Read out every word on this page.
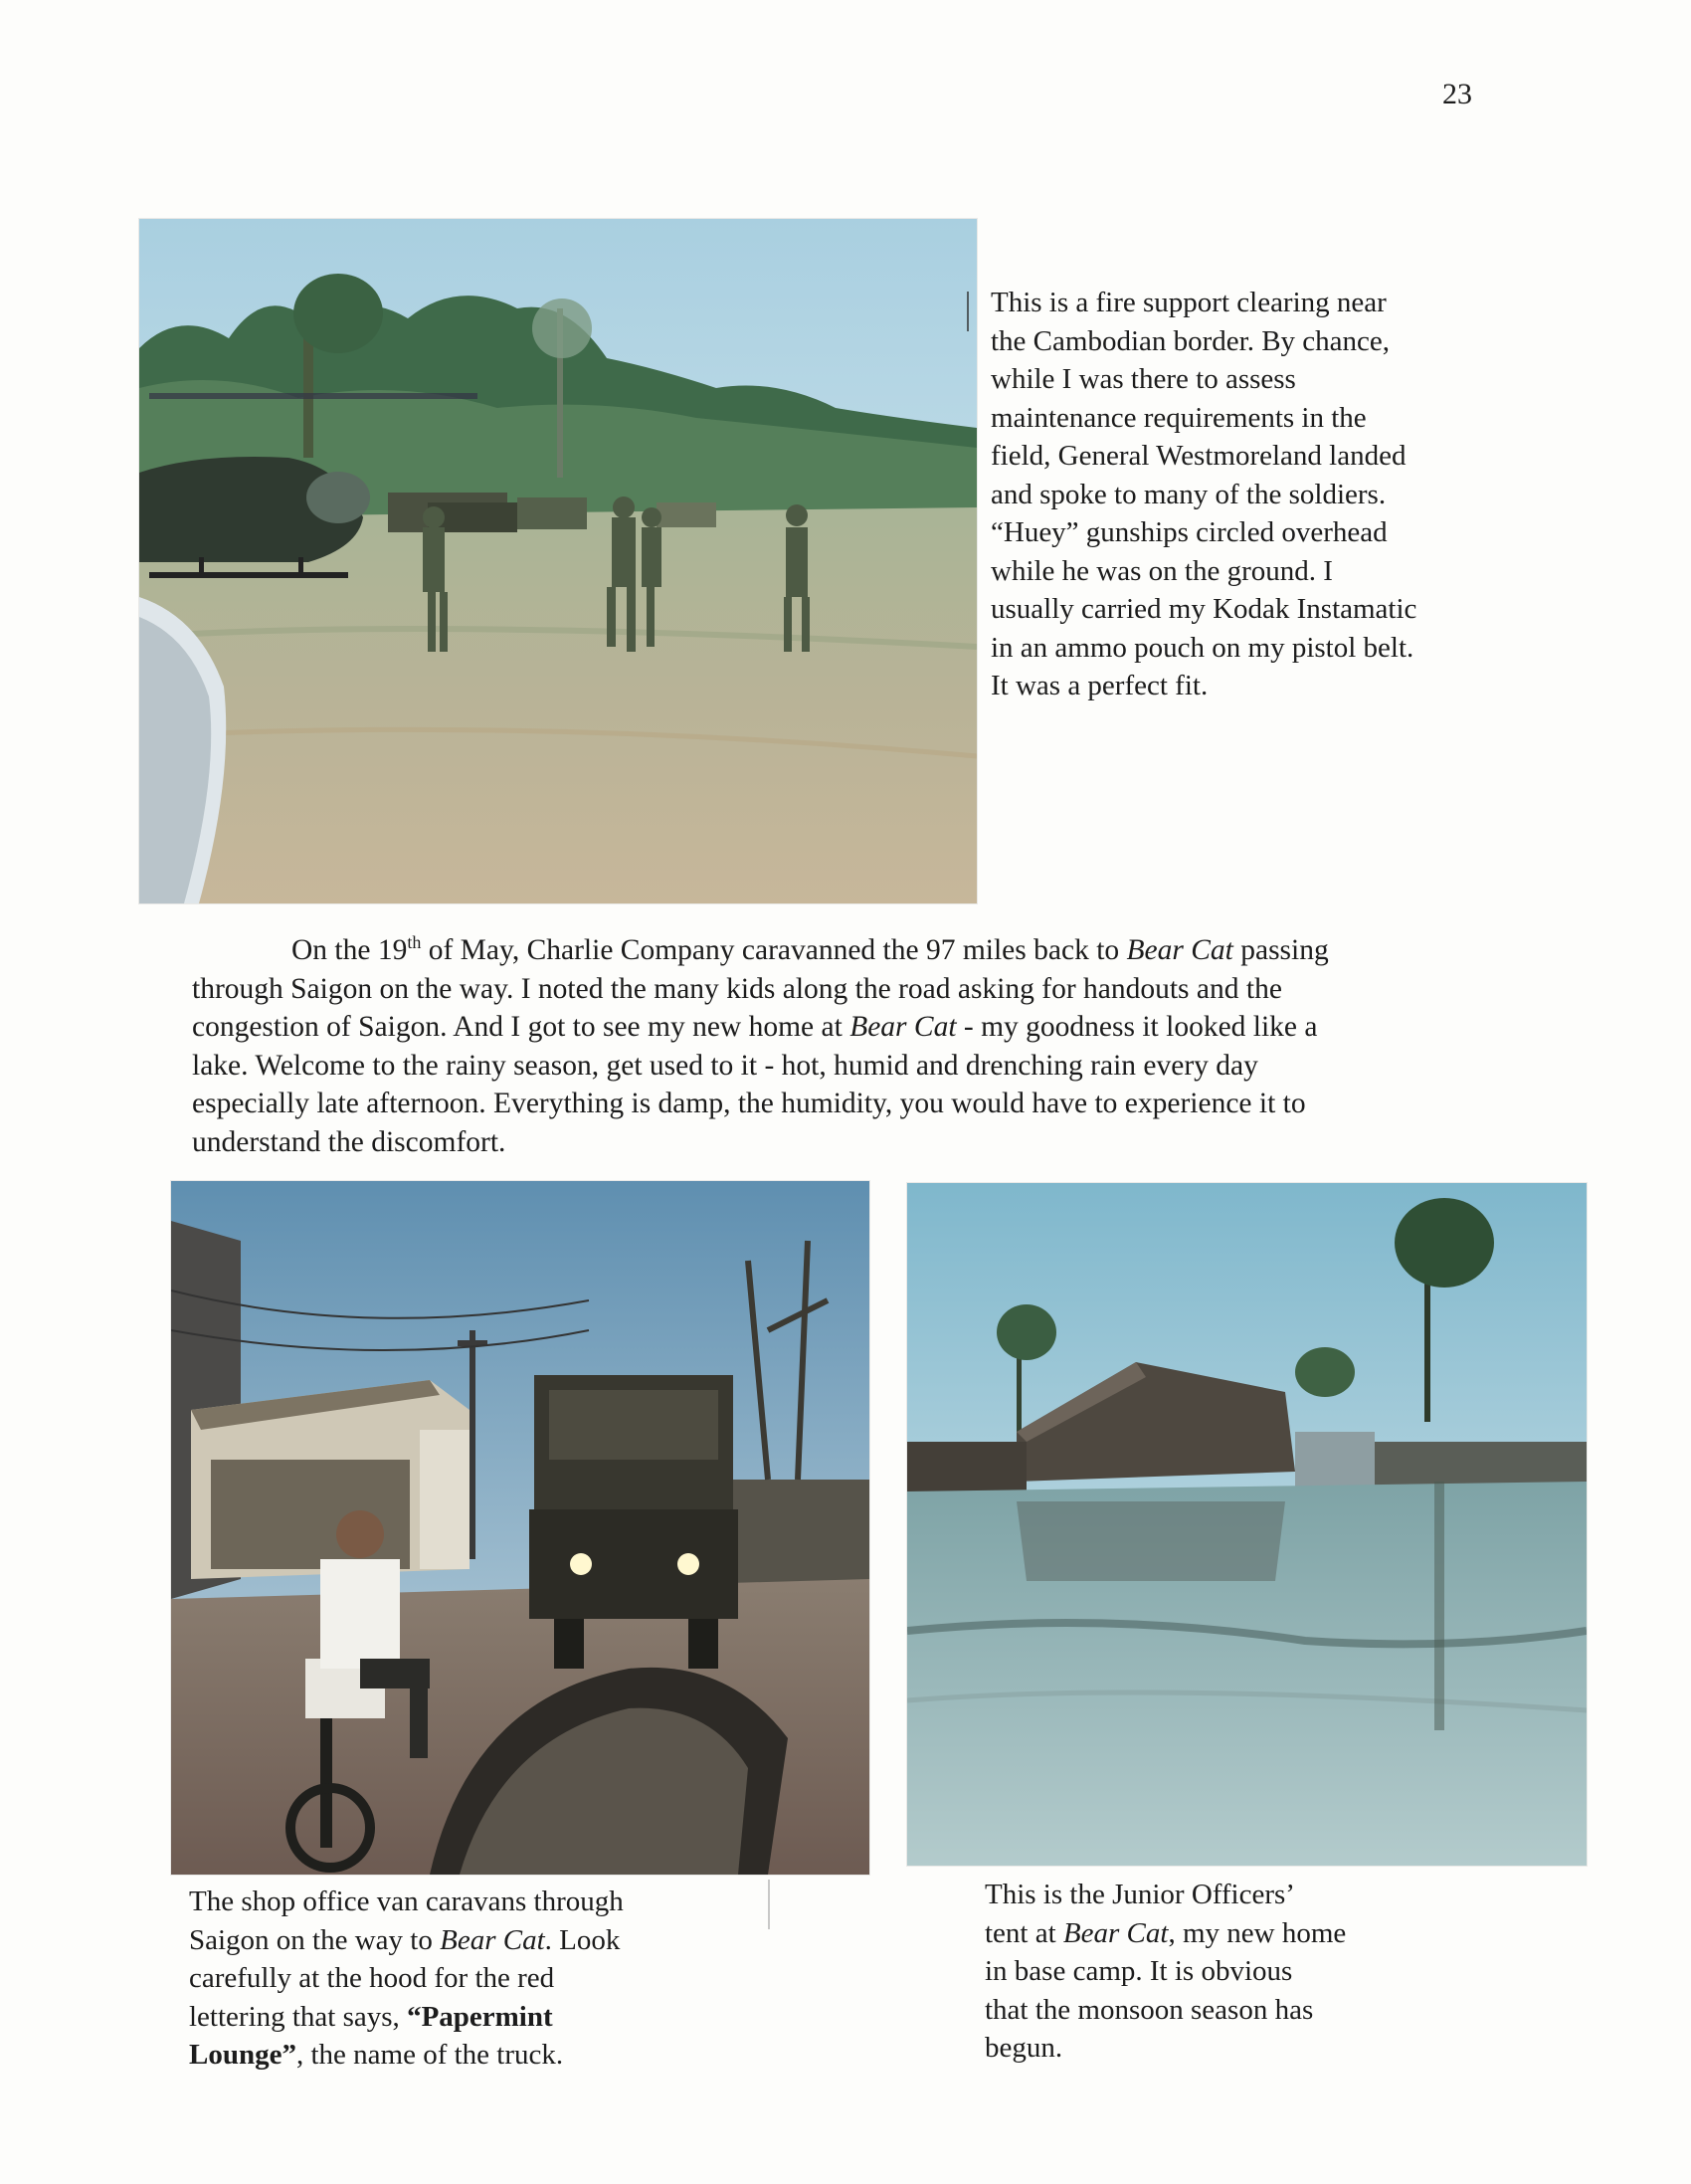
23
This is a fire support clearing near
the Cambodian border. By chance,
while I was there to assess
maintenance requirements in the
field, General Westmoreland landed
and spoke to many of the soldiers.
“Huey” gunships circled overhead
while he was on the ground. I
usually carried my Kodak Instamatic
in an ammo pouch on my pistol belt.
It was a perfect fit.
On the 19th of May, Charlie Company caravanned the 97 miles back to Bear Cat passing
through Saigon on the way. I noted the many kids along the road asking for handouts and the
congestion of Saigon. And I got to see my new home at Bear Cat - my goodness it looked like a
lake. Welcome to the rainy season, get used to it - hot, humid and drenching rain every day
especially late afternoon. Everything is damp, the humidity, you would have to experience it to
understand the discomfort.
The shop office van caravans through
Saigon on the way to Bear Cat. Look
carefully at the hood for the red
lettering that says, “Papermint
Lounge”, the name of the truck.
This is the Junior Officers’
tent at Bear Cat, my new home
in base camp. It is obvious
that the monsoon season has
begun.
